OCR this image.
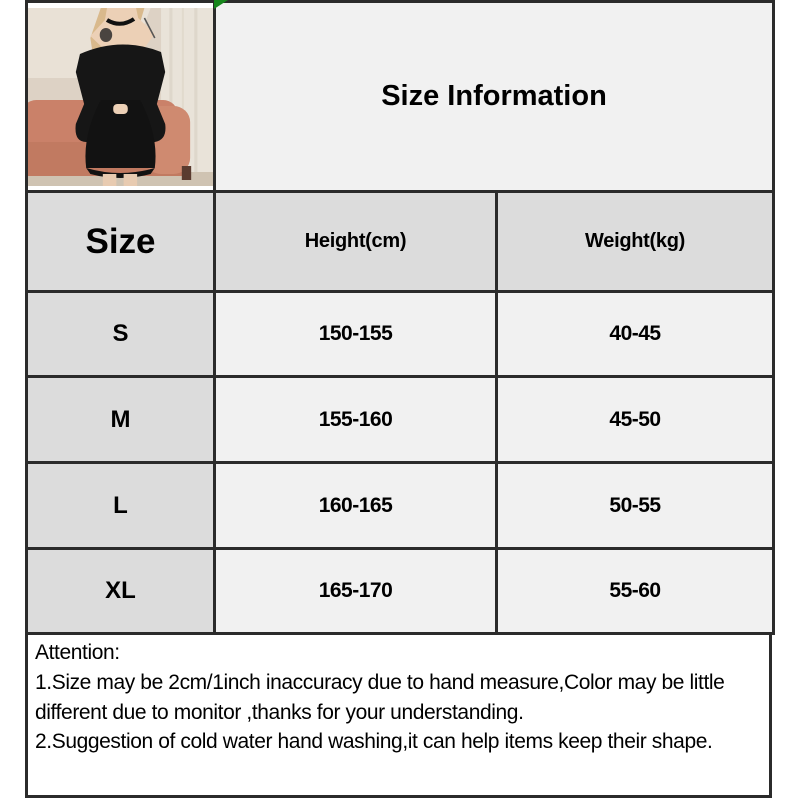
	Size Information	
Size	Height(cm)	Weight(kg)
S	150-155	40-45
M	155-160	45-50
L	160-165	50-55
XL	165-170	55-60

Attention:

1.Size may be 2cm/1inch inaccuracy due to hand measure,Color may be little different due to monitor ,thanks for your understanding.

2.Suggestion of cold water hand washing,it can help items keep their shape.
